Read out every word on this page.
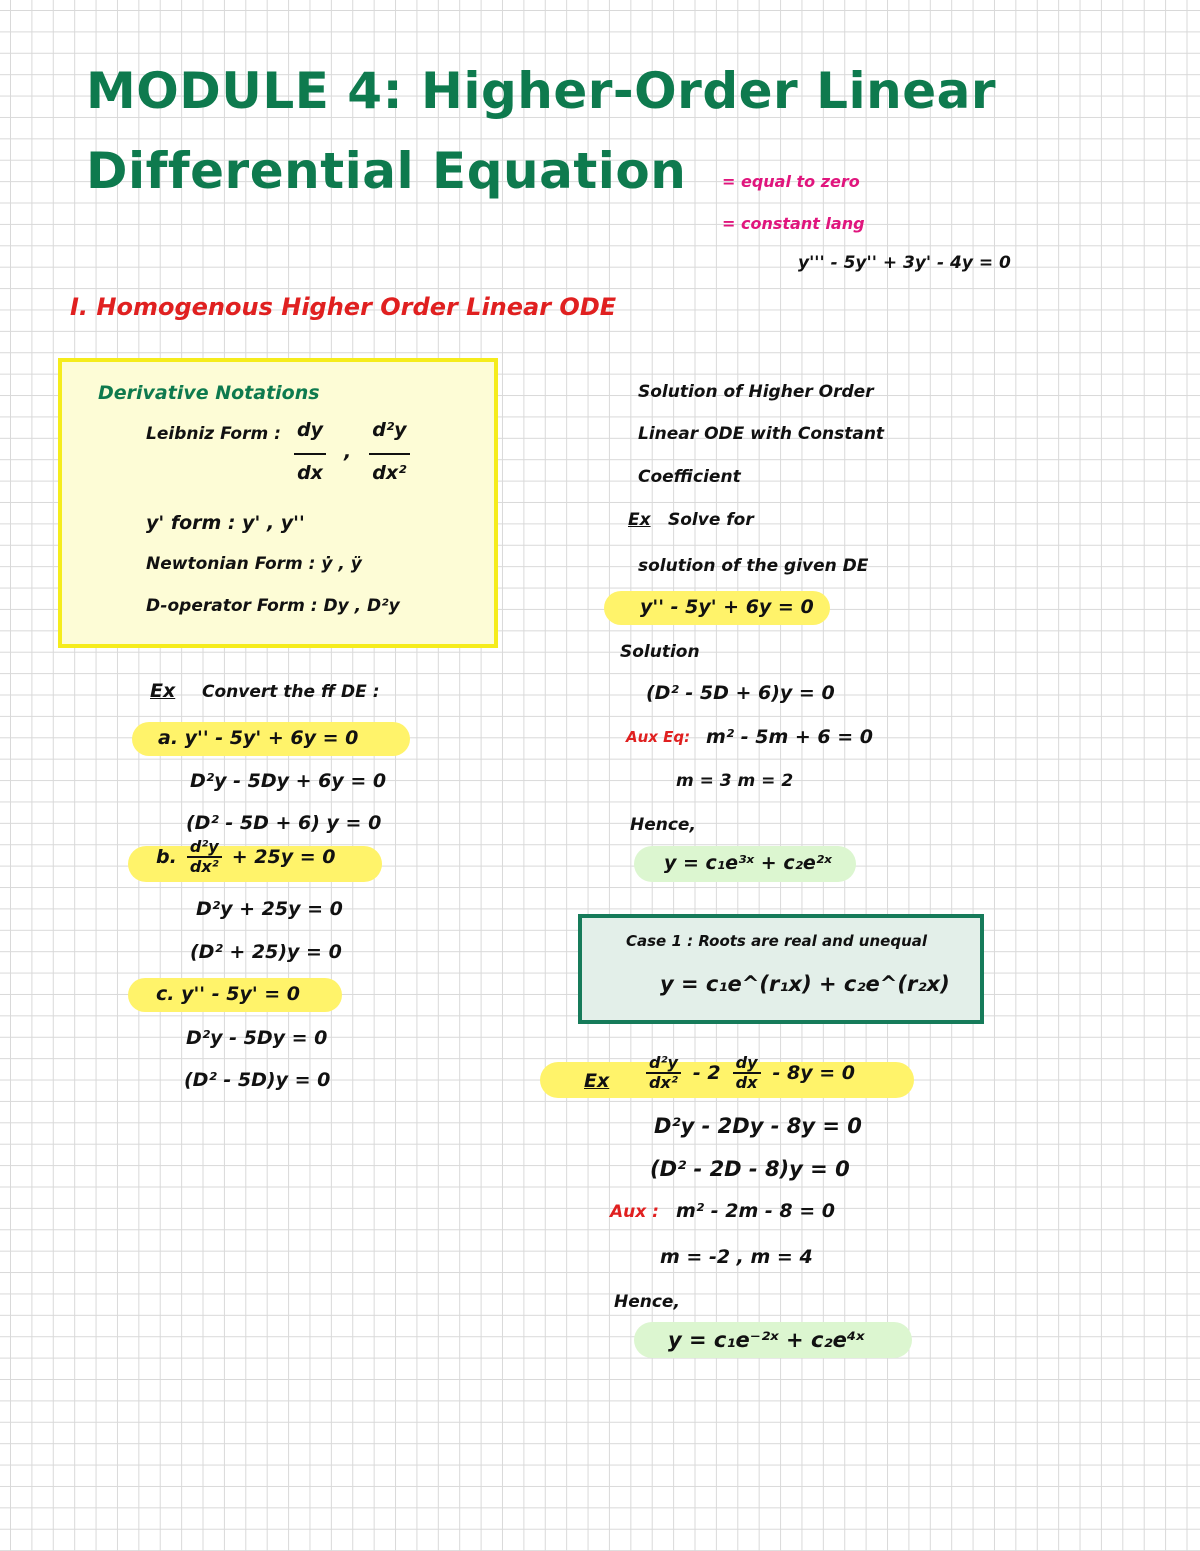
MODULE 4: Higher-Order Linear
Differential Equation = equal to zero
= constant lang
y''' - 5y'' + 3y' - 4y = 0
I. Homogenous Higher Order Linear ODE
Derivative Notations
Leibniz Form : $\frac{dy}{dx}$ , $\frac{\text{d²y}}{\text{dx²}}$
y' form : y' , y''
Newtonian Form : ẏ , ÿ
D-operator Form : Dy , D²y
Ex Convert the ff DE :
a. y'' - 5y' + 6y = 0
D²y - 5Dy + 6y = 0
(D² - 5D + 6) y = 0
b. $\frac{\text{d²y}}{\text{dx²}} + 25y = 0$
D²y + 25y = 0
(D² + 25)y = 0
c. y'' - 5y' = 0
D²y - 5Dy = 0
(D² - 5D)y = 0
Solution of Higher Order
Linear ODE with Constant
Coefficient
Ex Solve for
solution of the given DE
y'' - 5y' + 6y = 0
Solution
(D² - 5D + 6)y = 0
Aux Eq: m² - 5m + 6 = 0
m = 3 m = 2
Hence,
y = c₁e³ˣ + c₂e²ˣ
Case 1 : Roots are real and unequal
y = c₁e^(r₁x) + c₂e^(r₂x)
Ex $\frac{\text{d²y}}{\text{dx²}} - 2 \frac{dy}{dx} - 8y = 0$
D²y - 2Dy - 8y = 0
(D² - 2D - 8)y = 0
Aux : m² - 2m - 8 = 0
m = -2 , m = 4
Hence,
y = c₁e⁻²ˣ + c₂e⁴ˣ
